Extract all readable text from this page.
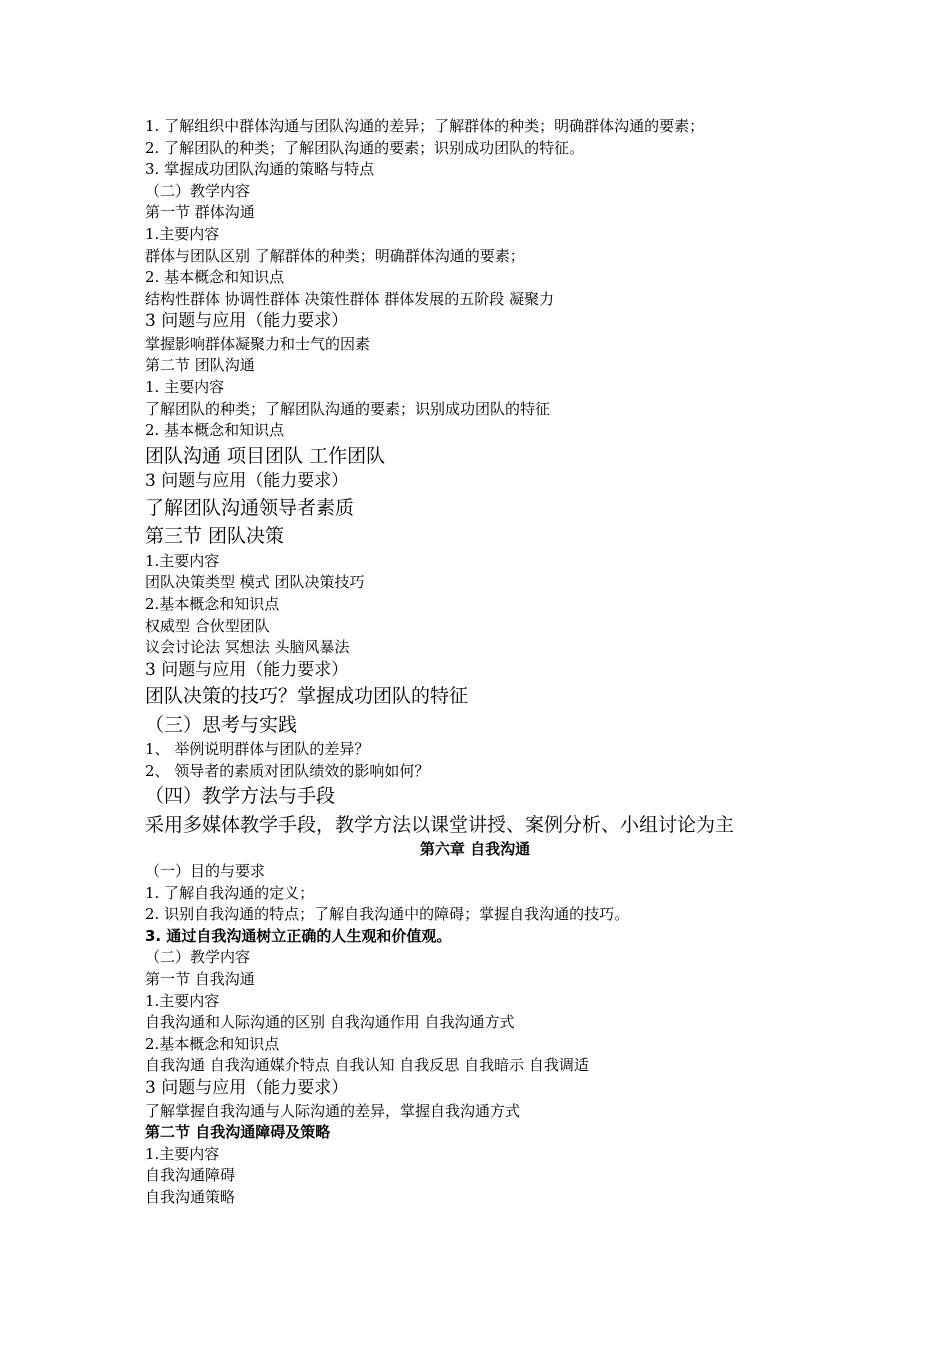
1. 了解组织中群体沟通与团队沟通的差异；了解群体的种类；明确群体沟通的要素；
2. 了解团队的种类；了解团队沟通的要素；识别成功团队的特征。
3. 掌握成功团队沟通的策略与特点
（二）教学内容
第一节 群体沟通
1.主要内容
群体与团队区别 了解群体的种类；明确群体沟通的要素；
2. 基本概念和知识点
结构性群体 协调性群体 决策性群体 群体发展的五阶段 凝聚力
3 问题与应用（能力要求）
掌握影响群体凝聚力和士气的因素
第二节 团队沟通
1. 主要内容
了解团队的种类；了解团队沟通的要素；识别成功团队的特征
2. 基本概念和知识点
团队沟通 项目团队 工作团队
3 问题与应用（能力要求）
了解团队沟通领导者素质
第三节 团队决策
1.主要内容
团队决策类型 模式 团队决策技巧
2.基本概念和知识点
权威型 合伙型团队
议会讨论法 冥想法 头脑风暴法
3 问题与应用（能力要求）
团队决策的技巧？掌握成功团队的特征
（三）思考与实践
1、 举例说明群体与团队的差异？
2、 领导者的素质对团队绩效的影响如何？
（四）教学方法与手段
采用多媒体教学手段，教学方法以课堂讲授、案例分析、小组讨论为主
第六章 自我沟通
（一）目的与要求
1. 了解自我沟通的定义；
2. 识别自我沟通的特点；了解自我沟通中的障碍；掌握自我沟通的技巧。
3. 通过自我沟通树立正确的人生观和价值观。
（二）教学内容
第一节 自我沟通
1.主要内容
自我沟通和人际沟通的区别 自我沟通作用 自我沟通方式
2.基本概念和知识点
自我沟通 自我沟通媒介特点 自我认知 自我反思 自我暗示 自我调适
3 问题与应用（能力要求）
了解掌握自我沟通与人际沟通的差异，掌握自我沟通方式
第二节 自我沟通障碍及策略
1.主要内容
自我沟通障碍
自我沟通策略
